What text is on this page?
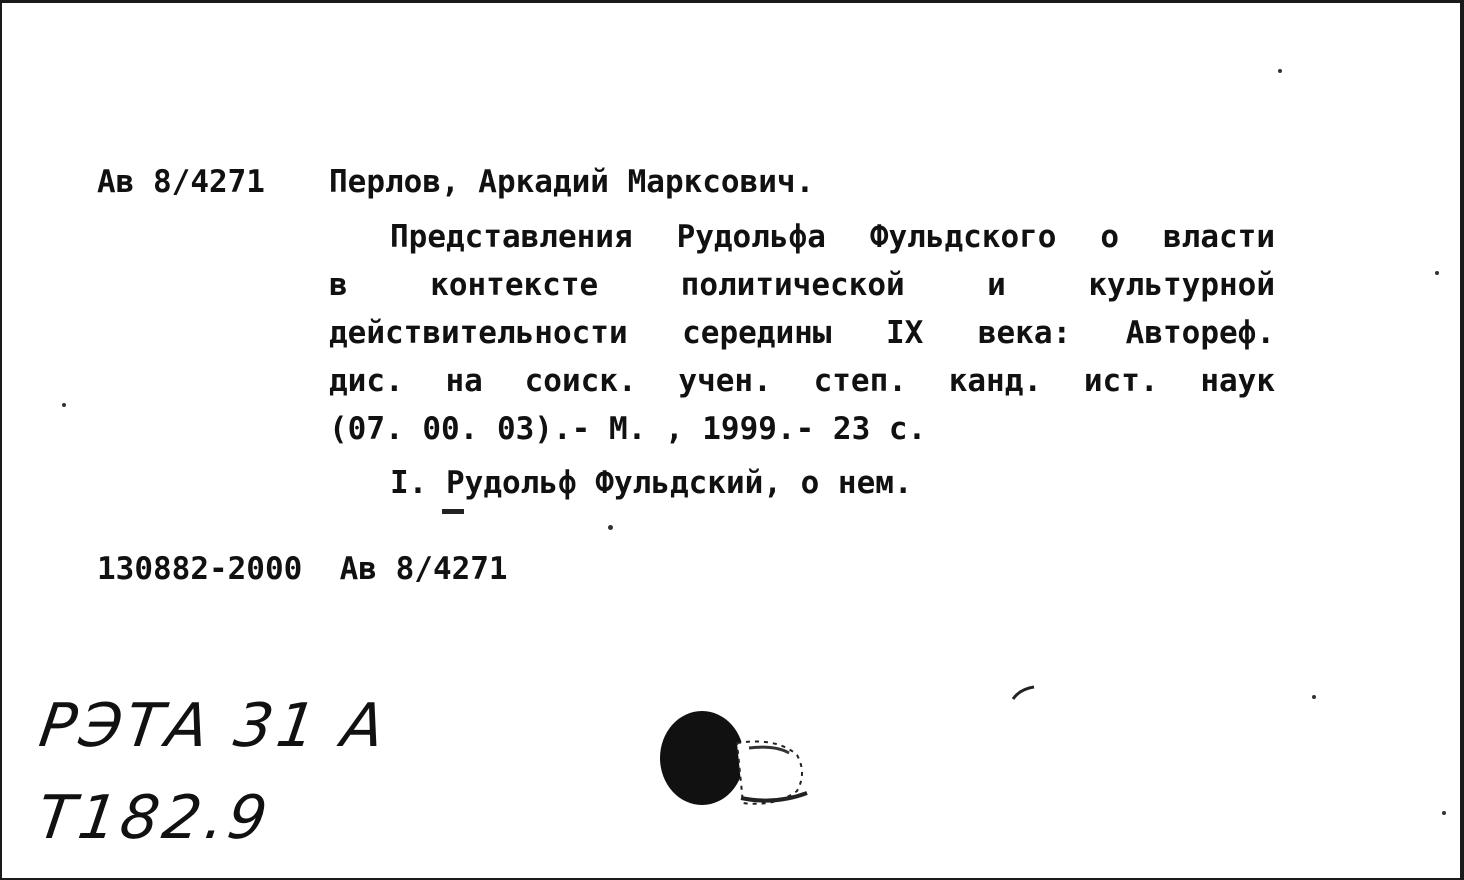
Ав 8/4271 Перлов, Аркадий Марксович.
Представления Рудольфа Фульдского о власти
в контексте политической и культурной
действительности середины IX века: Автореф.
дис. на соиск. учен. степ. канд. ист. наук
(07. 00. 03).- М. , 1999.- 23 с.
I. Рудольф Фульдский, о нем.
130882-2000  Ав 8/4271
РЭТА 31 А
Т182.9
